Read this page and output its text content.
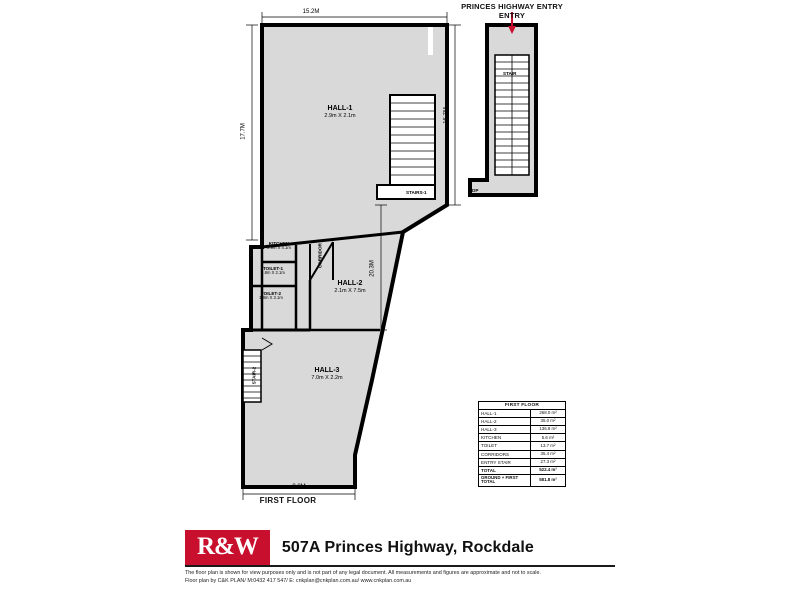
PRINCES HIGHWAY ENTRY
ENTRY
15.2M
17.7M
16.7M
20.3M
9.8M
HALL-1
2.9m X 2.1m
HALL-2
2.1m X 7.5m
HALL-3
7.0m X 2.2m
KITCHEN
2.9m X 4.1m
TOILET-1
1.8m X 2.1m
TOILET-2
1.8m X 3.1m
CORRIDOR
STAIRS-1
STAIR-2
STAIR
DP
FIRST FLOOR
FIRST FLOOR	
HALL-1	268.0 m²
HALL-2	35.0 m²
HALL-3	136.8 m²
KITCHEN	5.6 m²
TOILET	13.7 m²
CORRIDORS	35.4 m²
ENTRY STAIR	27.3 m²
TOTAL	522.4 m²
GROUND + FIRST TOTAL	581.8 m²
R&W	507A Princes Highway, Rockdale
The floor plan is shown for view purposes only and is not part of any legal document. All measurements and figures are approximate and not to scale.
Floor plan by C&K PLAN/ M:0432 417 547/ E: cnkplan@cnkplan.com.au/ www.cnkplan.com.au
